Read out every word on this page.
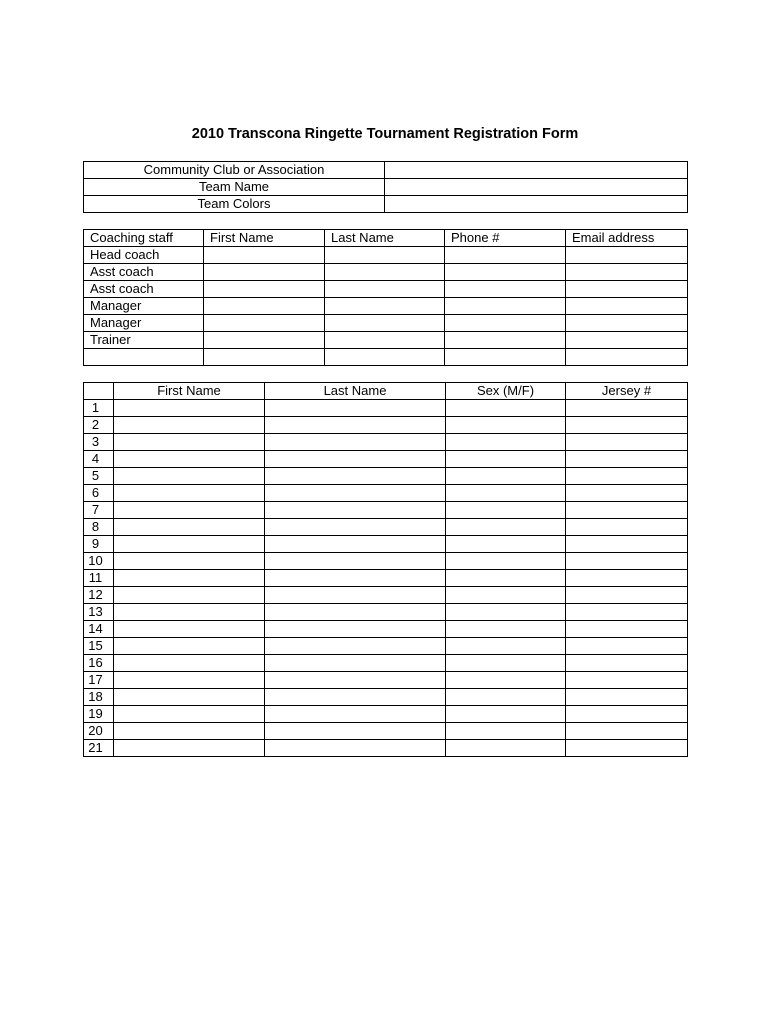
2010 Transcona Ringette Tournament Registration Form
Community Club or Association	
Team Name	
Team Colors	
Coaching staff	First Name	Last Name	Phone #	Email address
Head coach				
Asst coach				
Asst coach				
Manager				
Manager				
Trainer				

	First Name	Last Name	Sex (M/F)	Jersey #
1				
2				
3				
4				
5				
6				
7				
8				
9				
10				
11				
12				
13				
14				
15				
16				
17				
18				
19				
20				
21				
